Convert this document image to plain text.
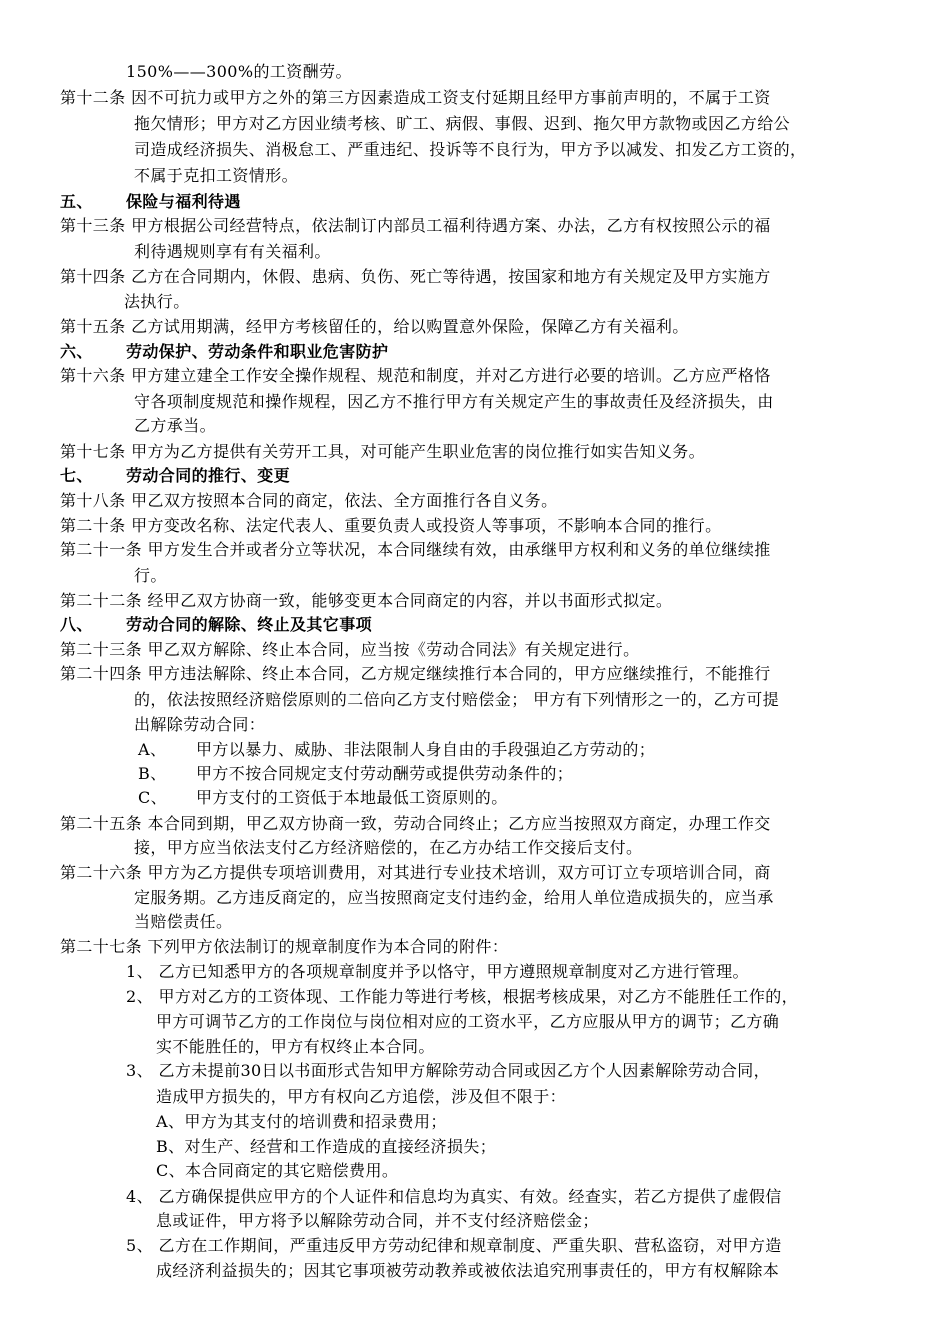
150%——300%的工资酬劳。
第十二条 因不可抗力或甲方之外的第三方因素造成工资支付延期且经甲方事前声明的，不属于工资
拖欠情形；甲方对乙方因业绩考核、旷工、病假、事假、迟到、拖欠甲方款物或因乙方给公
司造成经济损失、消极怠工、严重违纪、投诉等不良行为，甲方予以减发、扣发乙方工资的，
不属于克扣工资情形。
五、 保险与福利待遇
第十三条 甲方根据公司经营特点，依法制订内部员工福利待遇方案、办法，乙方有权按照公示的福
利待遇规则享有有关福利。
第十四条 乙方在合同期内，休假、患病、负伤、死亡等待遇，按国家和地方有关规定及甲方实施方
法执行。
第十五条 乙方试用期满，经甲方考核留任的，给以购置意外保险，保障乙方有关福利。
六、 劳动保护、劳动条件和职业危害防护
第十六条 甲方建立建全工作安全操作规程、规范和制度，并对乙方进行必要的培训。乙方应严格恪
守各项制度规范和操作规程，因乙方不推行甲方有关规定产生的事故责任及经济损失，由
乙方承当。
第十七条 甲方为乙方提供有关劳开工具，对可能产生职业危害的岗位推行如实告知义务。
七、 劳动合同的推行、变更
第十八条 甲乙双方按照本合同的商定，依法、全方面推行各自义务。
第二十条 甲方变改名称、法定代表人、重要负责人或投资人等事项，不影响本合同的推行。
第二十一条 甲方发生合并或者分立等状况，本合同继续有效，由承继甲方权利和义务的单位继续推
行。
第二十二条 经甲乙双方协商一致，能够变更本合同商定的内容，并以书面形式拟定。
八、 劳动合同的解除、终止及其它事项
第二十三条 甲乙双方解除、终止本合同，应当按《劳动合同法》有关规定进行。
第二十四条 甲方违法解除、终止本合同，乙方规定继续推行本合同的，甲方应继续推行，不能推行
的，依法按照经济赔偿原则的二倍向乙方支付赔偿金； 甲方有下列情形之一的，乙方可提
出解除劳动合同：
A、 甲方以暴力、威胁、非法限制人身自由的手段强迫乙方劳动的；
B、 甲方不按合同规定支付劳动酬劳或提供劳动条件的；
C、 甲方支付的工资低于本地最低工资原则的。
第二十五条 本合同到期，甲乙双方协商一致，劳动合同终止；乙方应当按照双方商定，办理工作交
接，甲方应当依法支付乙方经济赔偿的，在乙方办结工作交接后支付。
第二十六条 甲方为乙方提供专项培训费用，对其进行专业技术培训，双方可订立专项培训合同，商
定服务期。乙方违反商定的，应当按照商定支付违约金，给用人单位造成损失的，应当承
当赔偿责任。
第二十七条 下列甲方依法制订的规章制度作为本合同的附件：
1、 乙方已知悉甲方的各项规章制度并予以恪守，甲方遵照规章制度对乙方进行管理。
2、 甲方对乙方的工资体现、工作能力等进行考核，根据考核成果，对乙方不能胜任工作的，
甲方可调节乙方的工作岗位与岗位相对应的工资水平，乙方应服从甲方的调节；乙方确
实不能胜任的，甲方有权终止本合同。
3、 乙方未提前30日以书面形式告知甲方解除劳动合同或因乙方个人因素解除劳动合同，
造成甲方损失的，甲方有权向乙方追偿，涉及但不限于：
A、甲方为其支付的培训费和招录费用；
B、对生产、经营和工作造成的直接经济损失；
C、本合同商定的其它赔偿费用。
4、 乙方确保提供应甲方的个人证件和信息均为真实、有效。经查实，若乙方提供了虚假信
息或证件，甲方将予以解除劳动合同，并不支付经济赔偿金；
5、 乙方在工作期间，严重违反甲方劳动纪律和规章制度、严重失职、营私盗窃，对甲方造
成经济利益损失的；因其它事项被劳动教养或被依法追究刑事责任的，甲方有权解除本
